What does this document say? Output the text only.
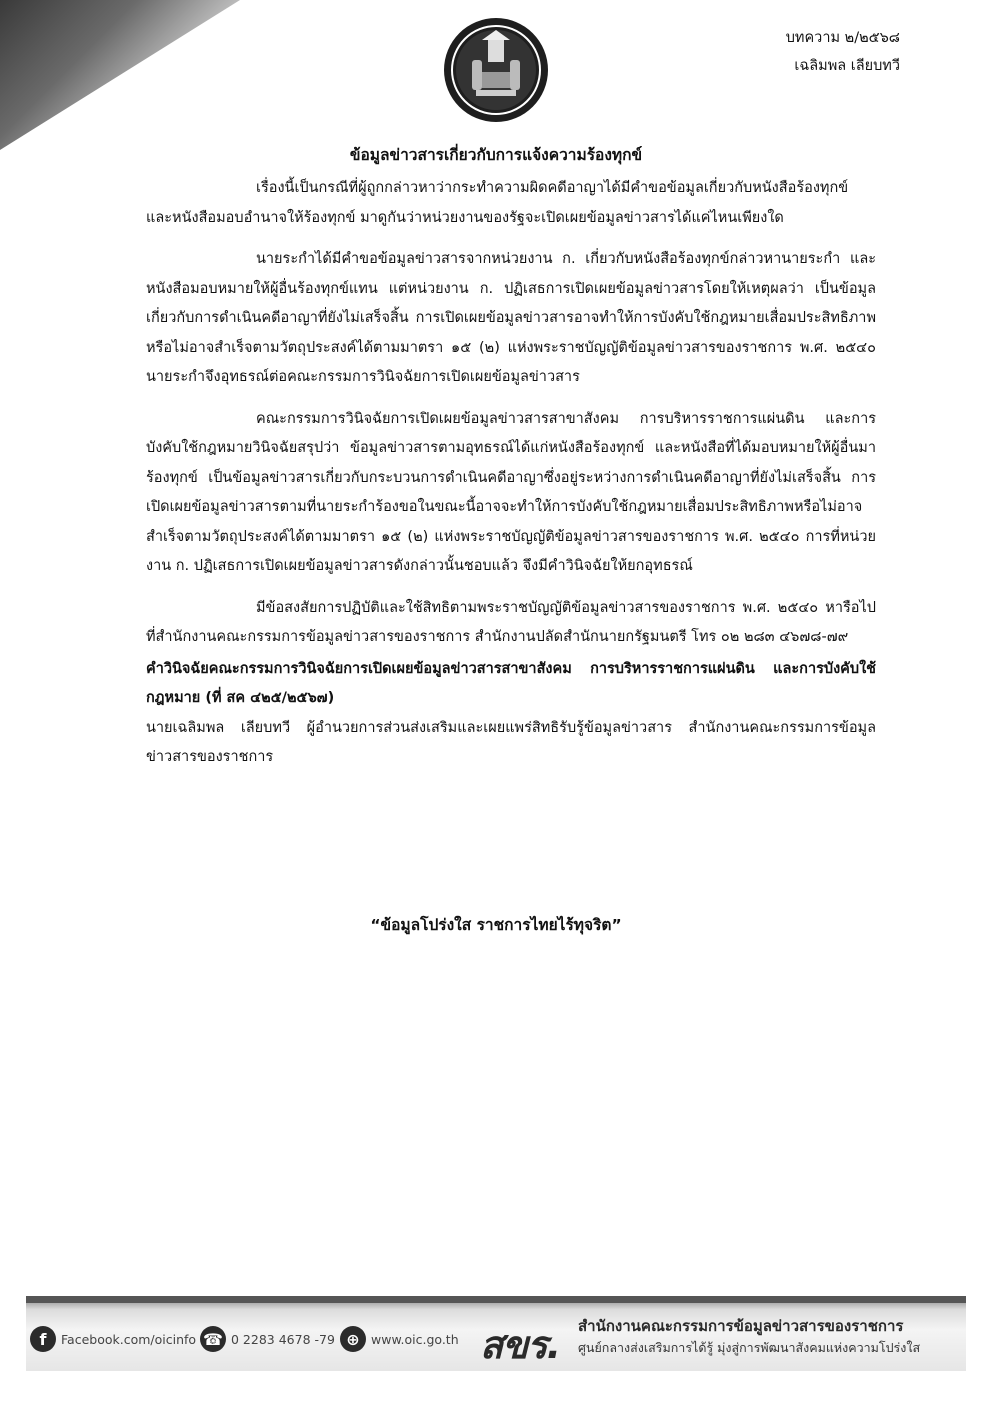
บทความ ๒/๒๕๖๘
เฉลิมพล เลียบทวี
ข้อมูลข่าวสารเกี่ยวกับการแจ้งความร้องทุกข์

เรื่องนี้เป็นกรณีที่ผู้ถูกกล่าวหาว่ากระทำความผิดคดีอาญาได้มีคำขอข้อมูลเกี่ยวกับหนังสือร้องทุกข์ และหนังสือมอบอำนาจให้ร้องทุกข์ มาดูกันว่าหน่วยงานของรัฐจะเปิดเผยข้อมูลข่าวสารได้แค่ไหนเพียงใด

นายระกำได้มีคำขอข้อมูลข่าวสารจากหน่วยงาน ก. เกี่ยวกับหนังสือร้องทุกข์กล่าวหานายระกำ และหนังสือมอบหมายให้ผู้อื่นร้องทุกข์แทน แต่หน่วยงาน ก. ปฏิเสธการเปิดเผยข้อมูลข่าวสารโดยให้เหตุผลว่า เป็นข้อมูลเกี่ยวกับการดำเนินคดีอาญาที่ยังไม่เสร็จสิ้น การเปิดเผยข้อมูลข่าวสารอาจทำให้การบังคับใช้กฎหมายเสื่อมประสิทธิภาพหรือไม่อาจสำเร็จตามวัตถุประสงค์ได้ตามมาตรา ๑๕ (๒) แห่งพระราชบัญญัติข้อมูลข่าวสารของราชการ พ.ศ. ๒๕๔๐ นายระกำจึงอุทธรณ์ต่อคณะกรรมการวินิจฉัยการเปิดเผยข้อมูลข่าวสาร

คณะกรรมการวินิจฉัยการเปิดเผยข้อมูลข่าวสารสาขาสังคม การบริหารราชการแผ่นดิน และการบังคับใช้กฎหมายวินิจฉัยสรุปว่า ข้อมูลข่าวสารตามอุทธรณ์ได้แก่หนังสือร้องทุกข์ และหนังสือที่ได้มอบหมายให้ผู้อื่นมาร้องทุกข์ เป็นข้อมูลข่าวสารเกี่ยวกับกระบวนการดำเนินคดีอาญาซึ่งอยู่ระหว่างการดำเนินคดีอาญาที่ยังไม่เสร็จสิ้น การเปิดเผยข้อมูลข่าวสารตามที่นายระกำร้องขอในขณะนี้อาจจะทำให้การบังคับใช้กฎหมายเสื่อมประสิทธิภาพหรือไม่อาจสำเร็จตามวัตถุประสงค์ได้ตามมาตรา ๑๕ (๒) แห่งพระราชบัญญัติข้อมูลข่าวสารของราชการ พ.ศ. ๒๕๔๐ การที่หน่วยงาน ก. ปฏิเสธการเปิดเผยข้อมูลข่าวสารดังกล่าวนั้นชอบแล้ว จึงมีคำวินิจฉัยให้ยกอุทธรณ์

มีข้อสงสัยการปฏิบัติและใช้สิทธิตามพระราชบัญญัติข้อมูลข่าวสารของราชการ พ.ศ. ๒๕๔๐ หารือไปที่สำนักงานคณะกรรมการข้อมูลข่าวสารของราชการ สำนักงานปลัดสำนักนายกรัฐมนตรี โทร ๐๒ ๒๘๓ ๔๖๗๘-๗๙

คำวินิจฉัยคณะกรรมการวินิจฉัยการเปิดเผยข้อมูลข่าวสารสาขาสังคม การบริหารราชการแผ่นดิน และการบังคับใช้กฎหมาย (ที่ สค ๔๒๕/๒๕๖๗)

นายเฉลิมพล เลียบทวี ผู้อำนวยการส่วนส่งเสริมและเผยแพร่สิทธิรับรู้ข้อมูลข่าวสาร สำนักงานคณะกรรมการข้อมูลข่าวสารของราชการ

“ข้อมูลโปร่งใส ราชการไทยไร้ทุจริต”
f	Facebook.com/oicinfo ☎ 0 2283 4678 -79 ⊕ www.oic.go.th สขร. สำนักงานคณะกรรมการข้อมูลข่าวสารของราชการ
ศูนย์กลางส่งเสริมการได้รู้ มุ่งสู่การพัฒนาสังคมแห่งความโปร่งใส
